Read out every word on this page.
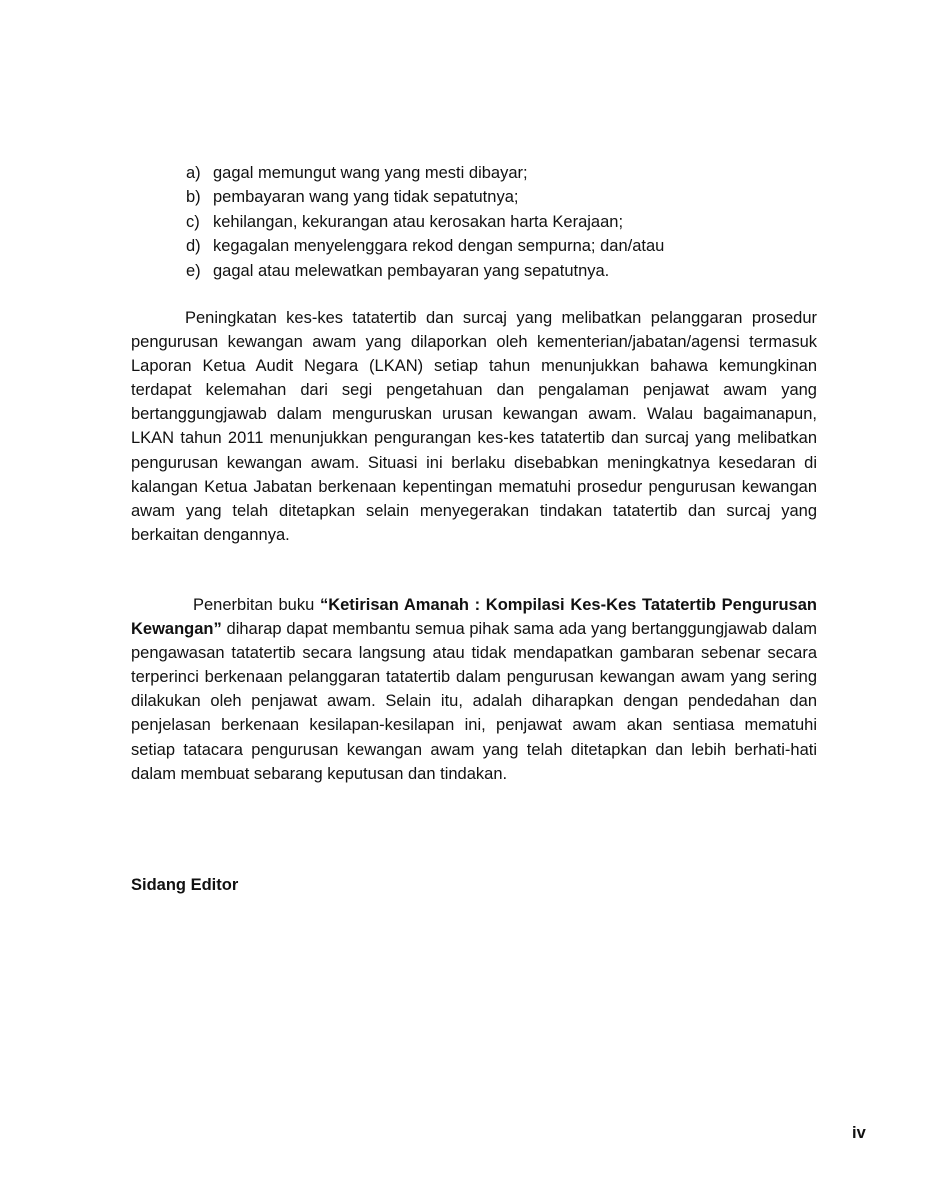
a) gagal memungut wang yang mesti dibayar;
b) pembayaran wang yang tidak sepatutnya;
c) kehilangan, kekurangan atau kerosakan harta Kerajaan;
d) kegagalan menyelenggara rekod dengan sempurna; dan/atau
e) gagal atau melewatkan pembayaran yang sepatutnya.

Peningkatan kes-kes tatatertib dan surcaj yang melibatkan pelanggaran prosedur pengurusan kewangan awam yang dilaporkan oleh kementerian/jabatan/agensi termasuk Laporan Ketua Audit Negara (LKAN) setiap tahun menunjukkan bahawa kemungkinan terdapat kelemahan dari segi pengetahuan dan pengalaman penjawat awam yang bertanggungjawab dalam menguruskan urusan kewangan awam. Walau bagaimanapun, LKAN tahun 2011 menunjukkan pengurangan kes-kes tatatertib dan surcaj yang melibatkan pengurusan kewangan awam. Situasi ini berlaku disebabkan meningkatnya kesedaran di kalangan Ketua Jabatan berkenaan kepentingan mematuhi prosedur pengurusan kewangan awam yang telah ditetapkan selain menyegerakan tindakan tatatertib dan surcaj yang berkaitan dengannya.

Penerbitan buku “Ketirisan Amanah : Kompilasi Kes-Kes Tatatertib Pengurusan Kewangan” diharap dapat membantu semua pihak sama ada yang bertanggungjawab dalam pengawasan tatatertib secara langsung atau tidak mendapatkan gambaran sebenar secara terperinci berkenaan pelanggaran tatatertib dalam pengurusan kewangan awam yang sering dilakukan oleh penjawat awam. Selain itu, adalah diharapkan dengan pendedahan dan penjelasan berkenaan kesilapan-kesilapan ini, penjawat awam akan sentiasa mematuhi setiap tatacara pengurusan kewangan awam yang telah ditetapkan dan lebih berhati-hati dalam membuat sebarang keputusan dan tindakan.

Sidang Editor
iv
